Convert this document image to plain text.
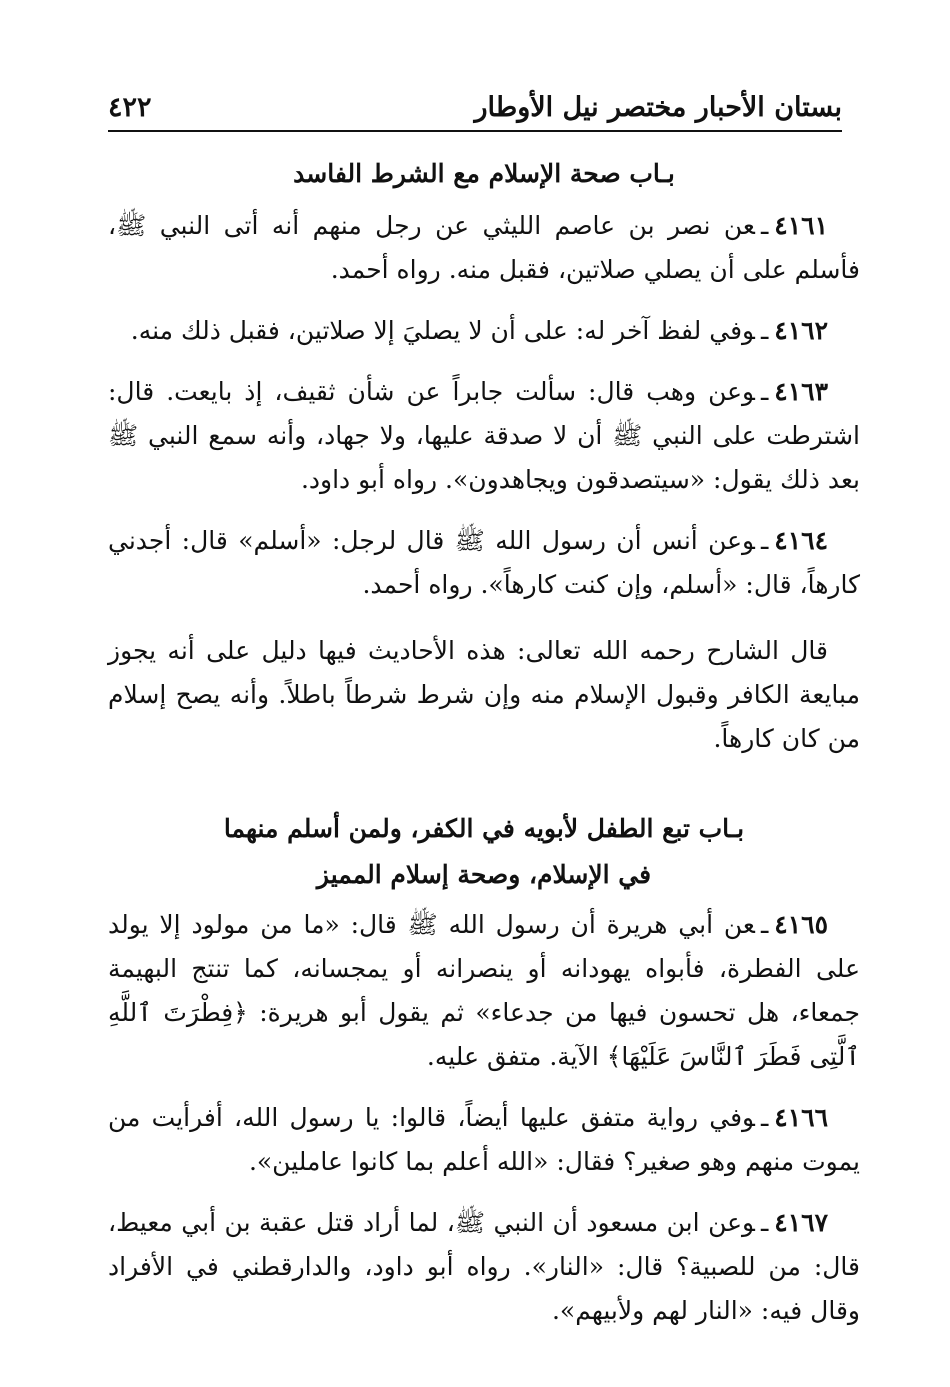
بستان الأحبار مختصر نيل الأوطار
٤٢٢
بـاب صحة الإسلام مع الشرط الفاسد

٤١٦١ـعن نصر بن عاصم الليثي عن رجل منهم أنه أتى النبي ﷺ، فأسلم على أن يصلي صلاتين، فقبل منه. رواه أحمد.

٤١٦٢ـوفي لفظ آخر له: على أن لا يصليَ إلا صلاتين، فقبل ذلك منه.

٤١٦٣ـوعن وهب قال: سألت جابراً عن شأن ثقيف، إذ بايعت. قال: اشترطت على النبي ﷺ أن لا صدقة عليها، ولا جهاد، وأنه سمع النبي ﷺ بعد ذلك يقول: «سيتصدقون ويجاهدون». رواه أبو داود.

٤١٦٤ـوعن أنس أن رسول الله ﷺ قال لرجل: «أسلم» قال: أجدني كارهاً، قال: «أسلم، وإن كنت كارهاً». رواه أحمد.

قال الشارح رحمه الله تعالى: هذه الأحاديث فيها دليل على أنه يجوز مبايعة الكافر وقبول الإسلام منه وإن شرط شرطاً باطلاً. وأنه يصح إسلام من كان كارهاً.

بـاب تبع الطفل لأبويه في الكفر، ولمن أسلم منهما
في الإسلام، وصحة إسلام المميز

٤١٦٥ـعن أبي هريرة أن رسول الله ﷺ قال: «ما من مولود إلا يولد على الفطرة، فأبواه يهودانه أو ينصرانه أو يمجسانه، كما تنتج البهيمة جمعاء، هل تحسون فيها من جدعاء» ثم يقول أبو هريرة: ﴿فِطْرَتَ ٱللَّهِ ٱلَّتِى فَطَرَ ٱلنَّاسَ عَلَيْهَا﴾ الآية. متفق عليه.

٤١٦٦ـوفي رواية متفق عليها أيضاً، قالوا: يا رسول الله، أفرأيت من يموت منهم وهو صغير؟ فقال: «الله أعلم بما كانوا عاملين».

٤١٦٧ـوعن ابن مسعود أن النبي ﷺ، لما أراد قتل عقبة بن أبي معيط، قال: من للصبية؟ قال: «النار». رواه أبو داود، والدارقطني في الأفراد وقال فيه: «النار لهم ولأبيهم».
